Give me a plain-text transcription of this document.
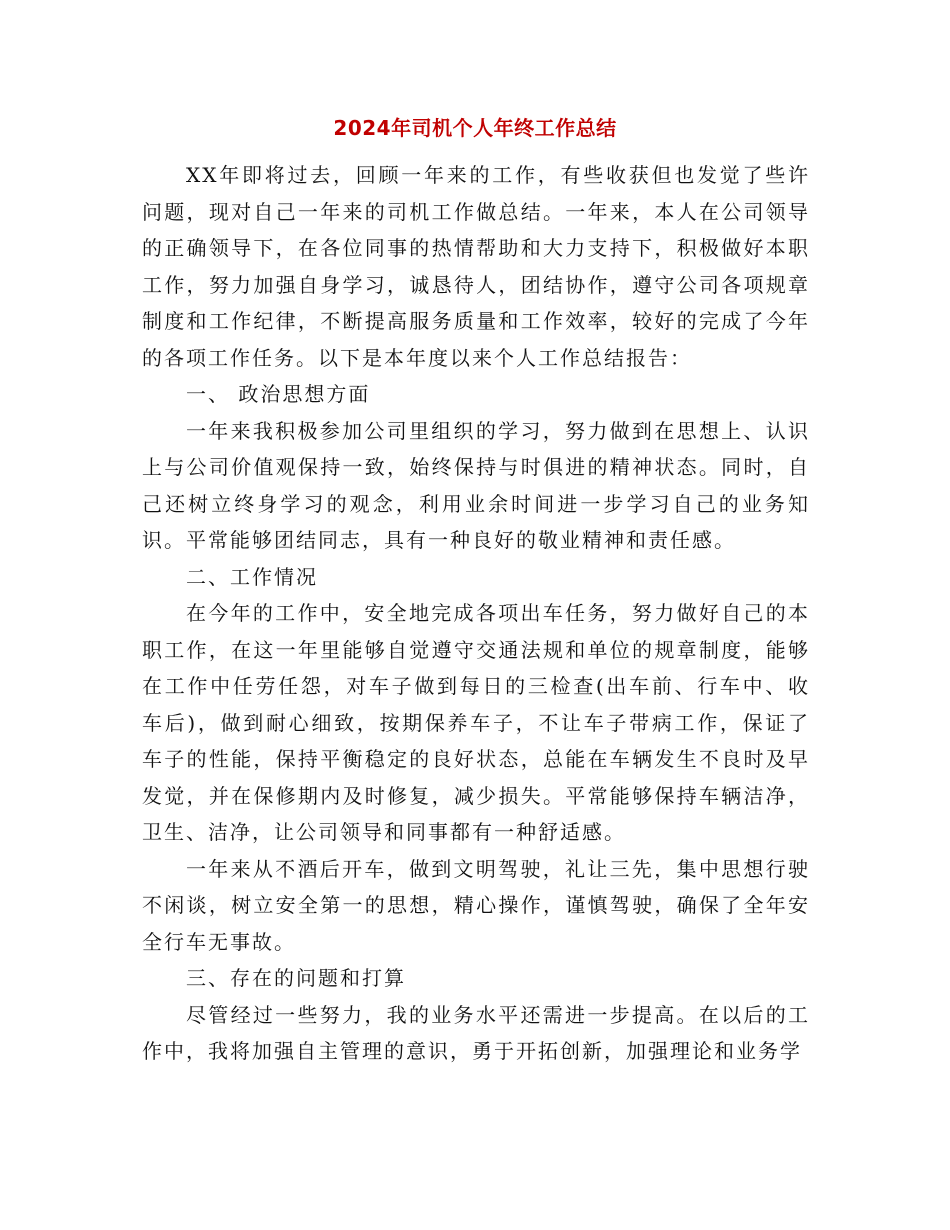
2024年司机个人年终工作总结

XX年即将过去，回顾一年来的工作，有些收获但也发觉了些许问题，现对自己一年来的司机工作做总结。一年来，本人在公司领导的正确领导下，在各位同事的热情帮助和大力支持下，积极做好本职工作，努力加强自身学习，诚恳待人，团结协作，遵守公司各项规章制度和工作纪律，不断提高服务质量和工作效率，较好的完成了今年的各项工作任务。以下是本年度以来个人工作总结报告：

一、 政治思想方面

一年来我积极参加公司里组织的学习，努力做到在思想上、认识上与公司价值观保持一致，始终保持与时俱进的精神状态。同时，自己还树立终身学习的观念，利用业余时间进一步学习自己的业务知识。平常能够团结同志，具有一种良好的敬业精神和责任感。

二、工作情况

在今年的工作中，安全地完成各项出车任务，努力做好自己的本职工作，在这一年里能够自觉遵守交通法规和单位的规章制度，能够在工作中任劳任怨，对车子做到每日的三检查(出车前、行车中、收车后)，做到耐心细致，按期保养车子，不让车子带病工作，保证了车子的性能，保持平衡稳定的良好状态，总能在车辆发生不良时及早发觉，并在保修期内及时修复，减少损失。平常能够保持车辆洁净，卫生、洁净，让公司领导和同事都有一种舒适感。

一年来从不酒后开车，做到文明驾驶，礼让三先，集中思想行驶不闲谈，树立安全第一的思想，精心操作，谨慎驾驶，确保了全年安全行车无事故。

三、存在的问题和打算

尽管经过一些努力，我的业务水平还需进一步提高。在以后的工作中，我将加强自主管理的意识，勇于开拓创新，加强理论和业务学
